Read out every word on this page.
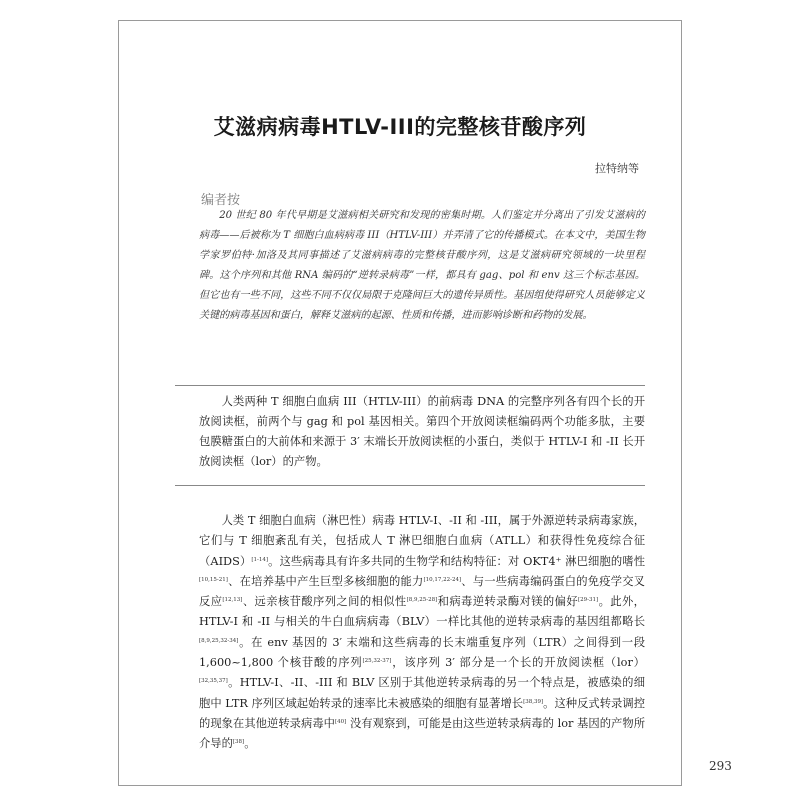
艾滋病病毒HTLV-III的完整核苷酸序列

拉特纳等

编者按

20 世纪 80 年代早期是艾滋病相关研究和发现的密集时期。人们鉴定并分离出了引发艾滋病的病毒——后被称为 T 细胞白血病病毒 III（HTLV-III）并弄清了它的传播模式。在本文中，美国生物学家罗伯特·加洛及其同事描述了艾滋病病毒的完整核苷酸序列，这是艾滋病研究领域的一块里程碑。这个序列和其他 RNA 编码的“逆转录病毒”一样，都具有 gag、pol 和 env 这三个标志基因。但它也有一些不同，这些不同不仅仅局限于克隆间巨大的遗传异质性。基因组使得研究人员能够定义关键的病毒基因和蛋白，解释艾滋病的起源、性质和传播，进而影响诊断和药物的发展。

人类两种 T 细胞白血病 III（HTLV-III）的前病毒 DNA 的完整序列各有四个长的开放阅读框，前两个与 gag 和 pol 基因相关。第四个开放阅读框编码两个功能多肽，主要包膜糖蛋白的大前体和来源于 3′ 末端长开放阅读框的小蛋白，类似于 HTLV-I 和 -II 长开放阅读框（lor）的产物。

人类 T 细胞白血病（淋巴性）病毒 HTLV-I、-II 和 -III，属于外源逆转录病毒家族，它们与 T 细胞紊乱有关，包括成人 T 淋巴细胞白血病（ATLL）和获得性免疫综合征（AIDS）[1-14]。这些病毒具有许多共同的生物学和结构特征：对 OKT4⁺ 淋巴细胞的嗜性[10,15-21]、在培养基中产生巨型多核细胞的能力[10,17,22-24]、与一些病毒编码蛋白的免疫学交叉反应[12,13]、远亲核苷酸序列之间的相似性[8,9,25-28]和病毒逆转录酶对镁的偏好[29-31]。此外，HTLV-I 和 -II 与相关的牛白血病病毒（BLV）一样比其他的逆转录病毒的基因组都略长[8,9,25,32-34]。在 env 基因的 3′ 末端和这些病毒的长末端重复序列（LTR）之间得到一段 1,600~1,800 个核苷酸的序列[25,32-37]，该序列 3′ 部分是一个长的开放阅读框（lor）[32,35,37]。HTLV-I、-II、-III 和 BLV 区别于其他逆转录病毒的另一个特点是，被感染的细胞中 LTR 序列区域起始转录的速率比未被感染的细胞有显著增长[38,39]。这种反式转录调控的现象在其他逆转录病毒中[40] 没有观察到，可能是由这些逆转录病毒的 lor 基因的产物所介导的[38]。

293
